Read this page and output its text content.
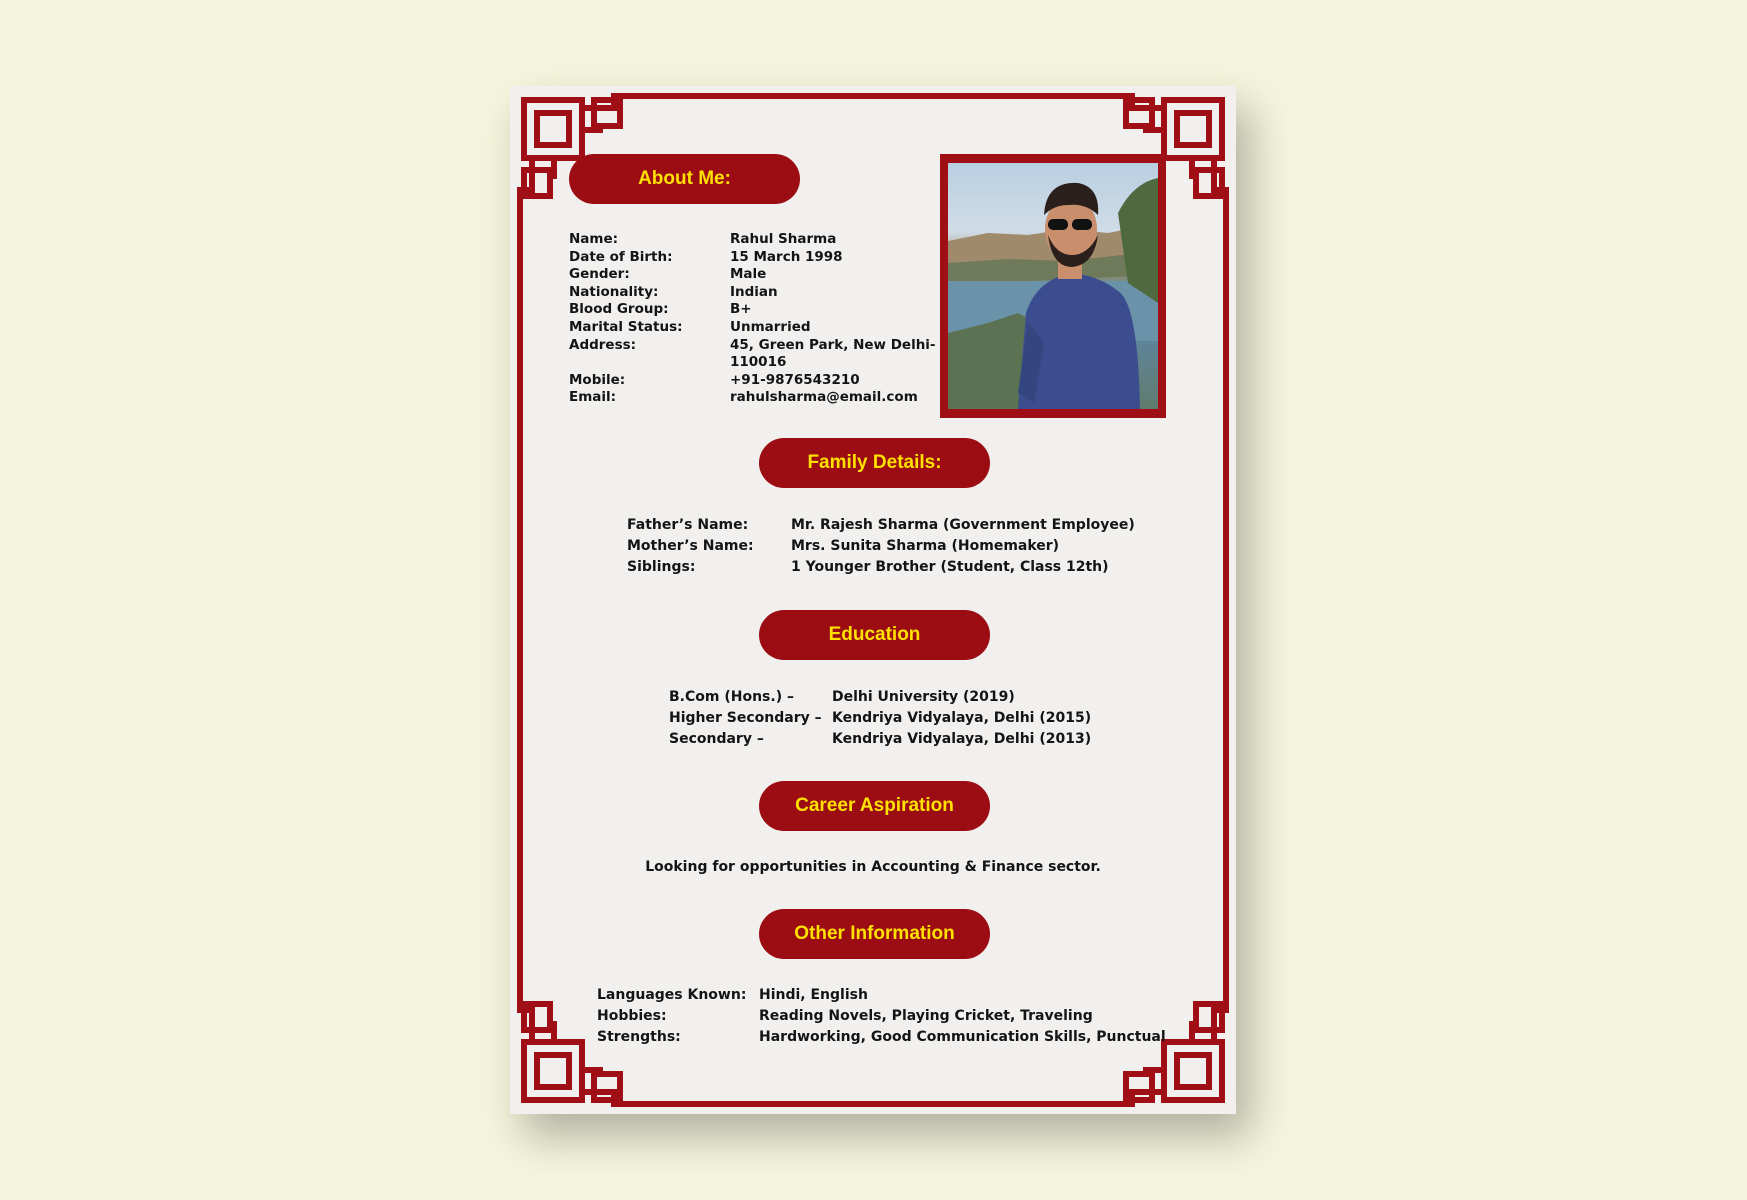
About Me:
Name:	Rahul Sharma
Date of Birth:	15 March 1998
Gender:	Male
Nationality:	Indian
Blood Group:	B+
Marital Status:	Unmarried
Address:	45, Green Park, New Delhi-
110016
Mobile:	+91-9876543210
Email:	rahulsharma@email.com
Family Details:
Father’s Name:	Mr. Rajesh Sharma (Government Employee)
Mother’s Name:	Mrs. Sunita Sharma (Homemaker)
Siblings:	1 Younger Brother (Student, Class 12th)
Education
B.Com (Hons.) –	Delhi University (2019)
Higher Secondary – Kendriya Vidyalaya, Delhi (2015)
Secondary –	Kendriya Vidyalaya, Delhi (2013)
Career Aspiration
Looking for opportunities in Accounting & Finance sector.
Other Information
Languages Known: Hindi, English
Hobbies:	Reading Novels, Playing Cricket, Traveling
Strengths:	Hardworking, Good Communication Skills, Punctual
